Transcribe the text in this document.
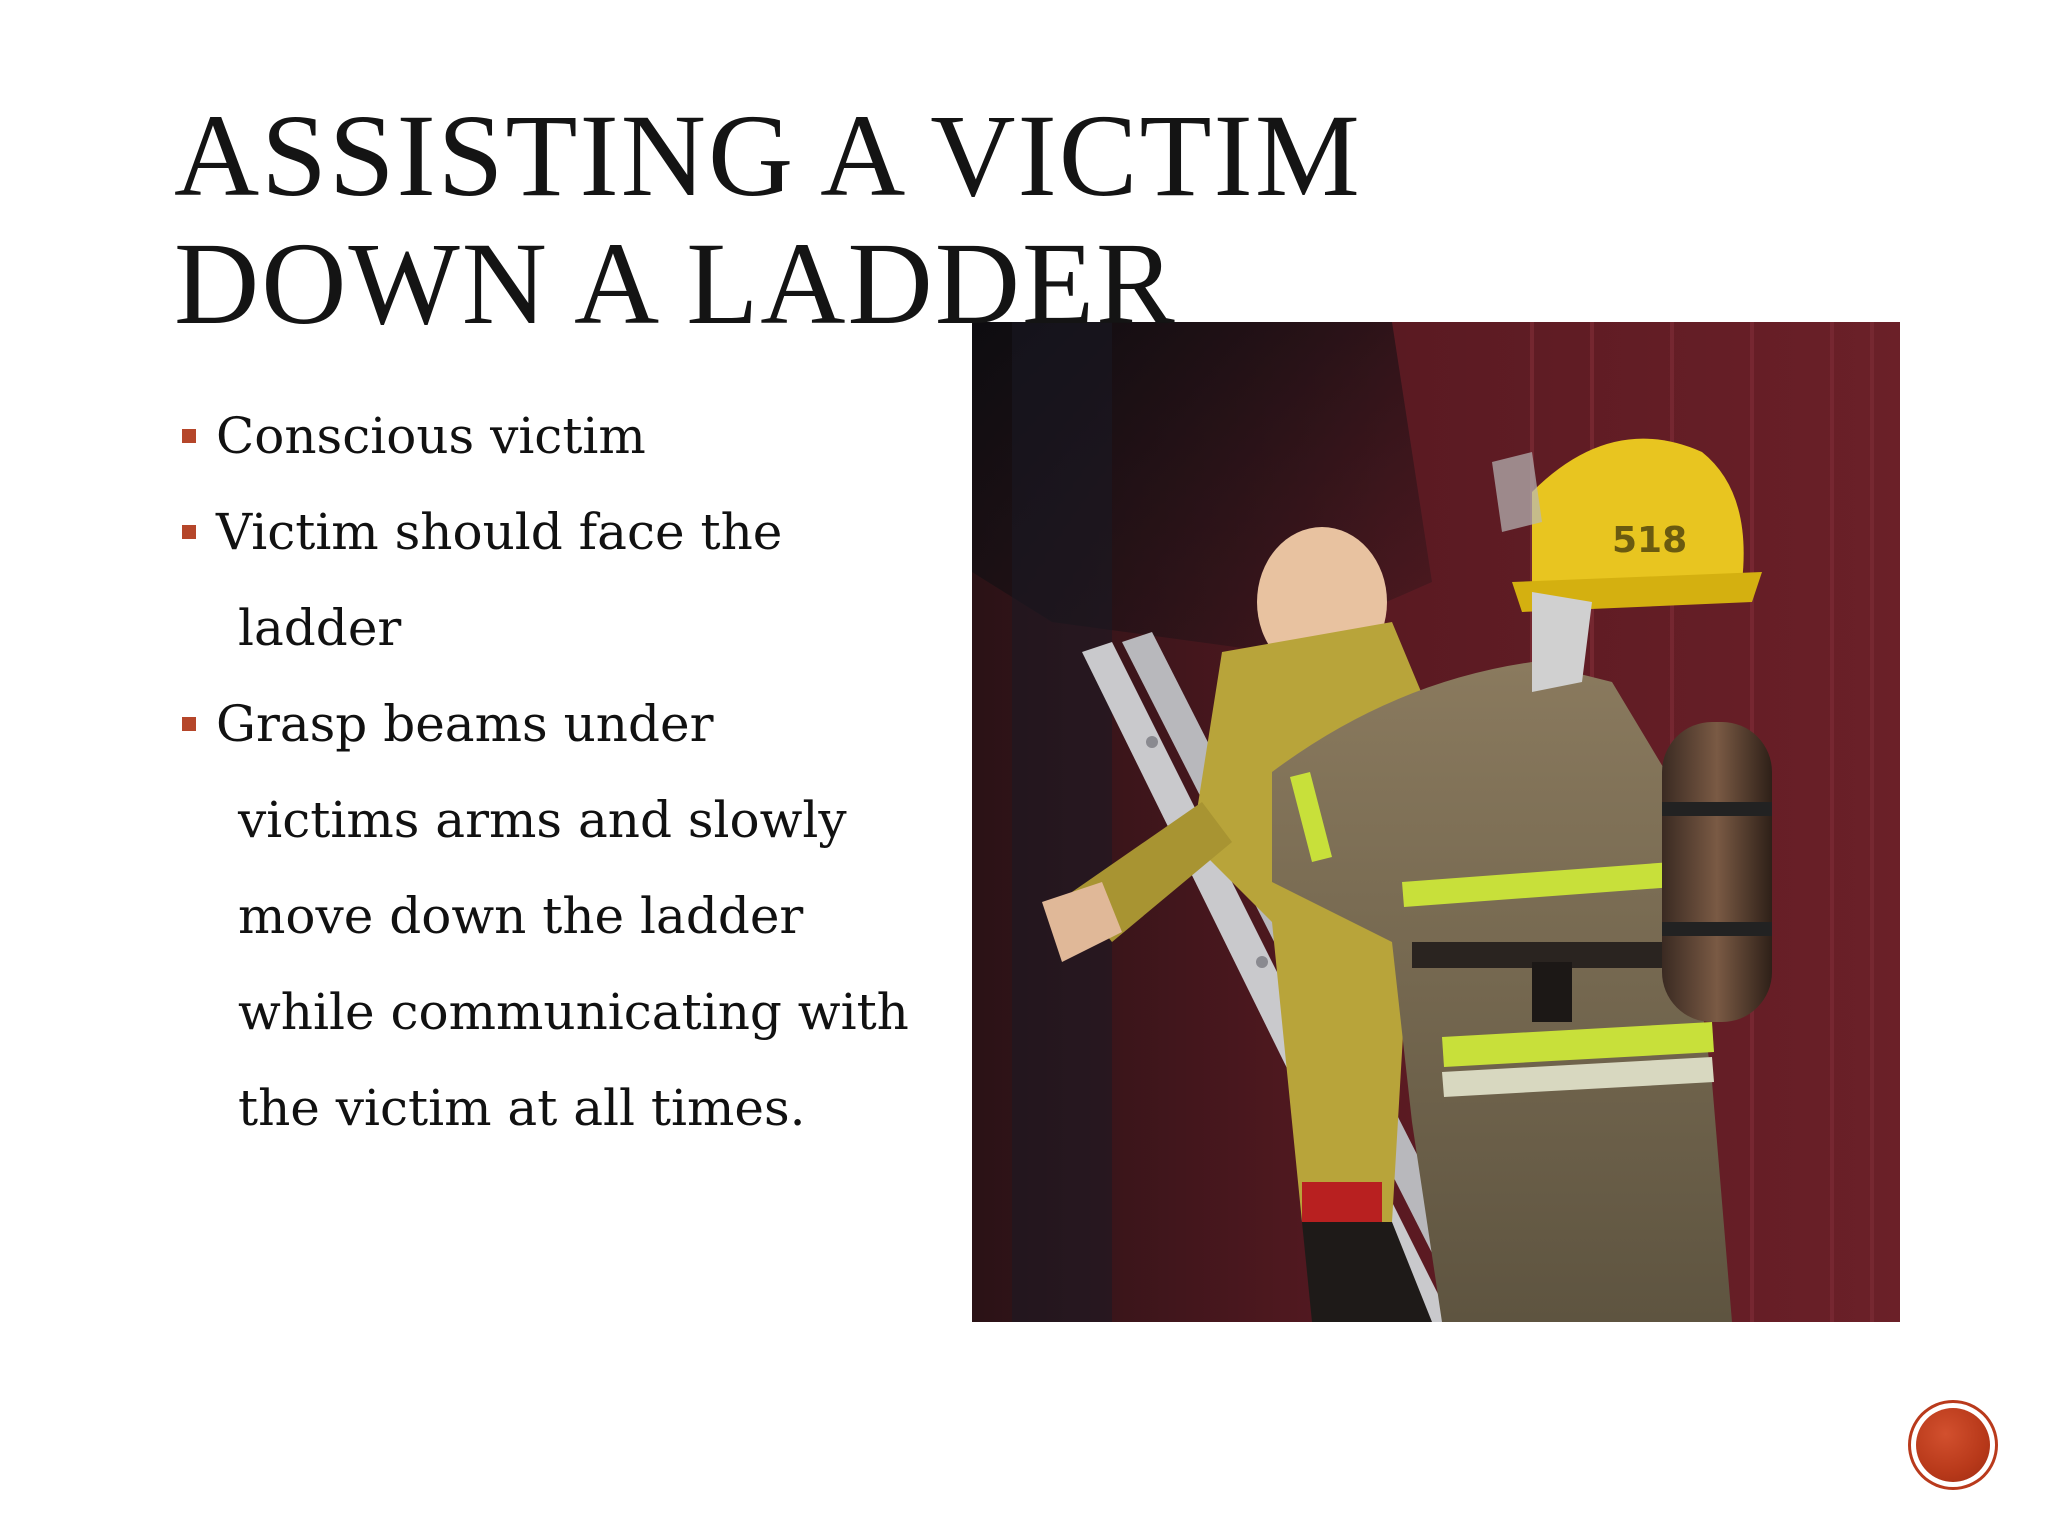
ASSISTING A VICTIM
DOWN A LADDER
Conscious victim
Victim should face the
ladder
Grasp beams under
victims arms and slowly
move down the ladder
while communicating with
the victim at all times.
518
